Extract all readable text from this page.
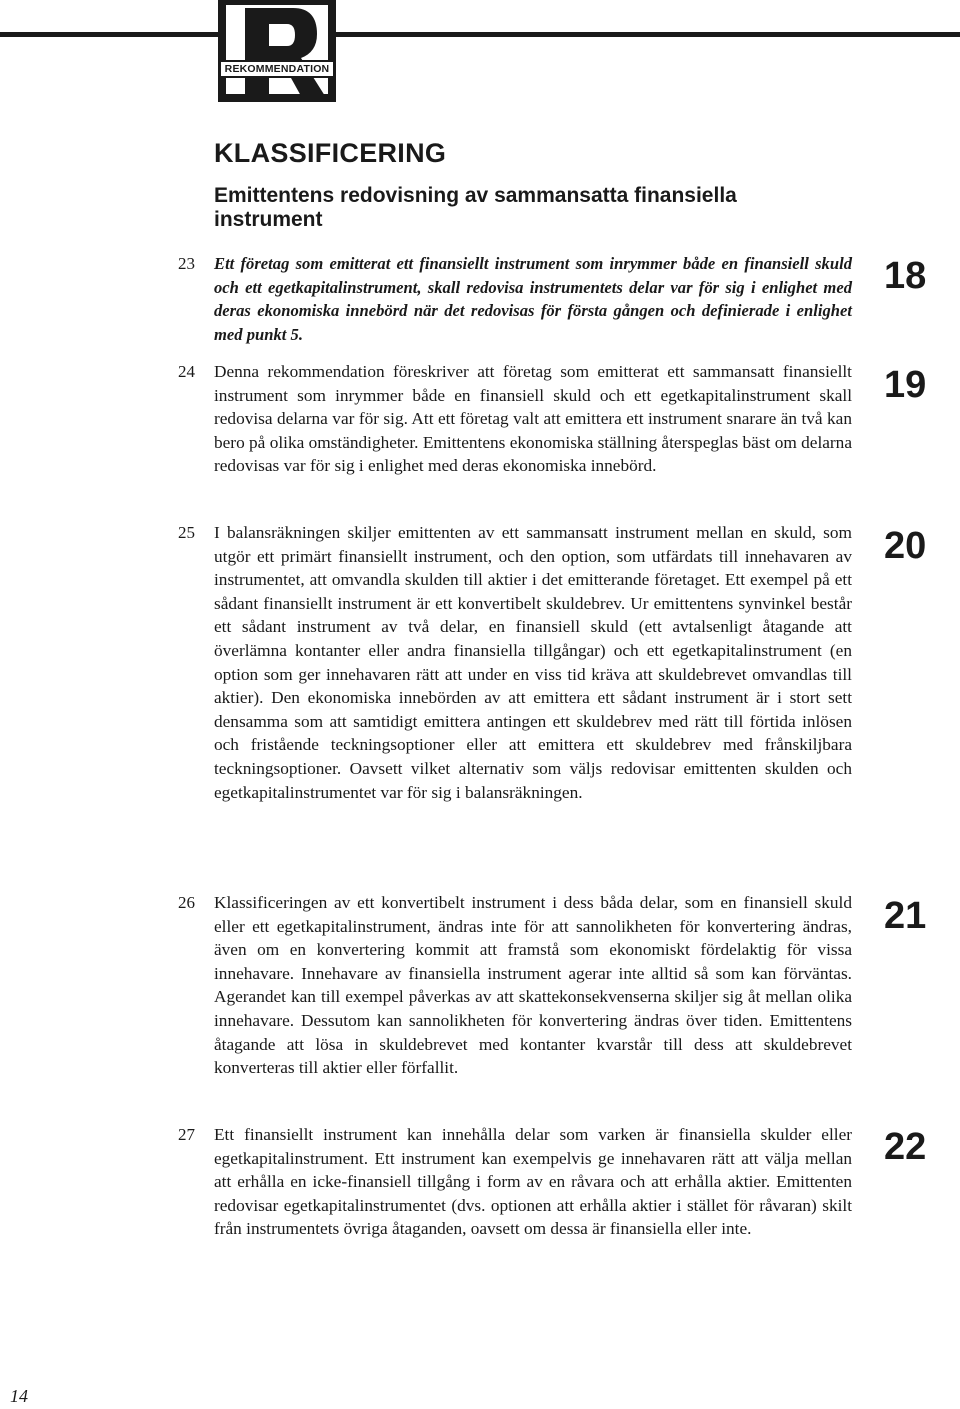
REKOMMENDATION
KLASSIFICERING
Emittentens redovisning av sammansatta finansiella instrument
23 Ett företag som emitterat ett finansiellt instrument som inrymmer både en finansiell skuld och ett egetkapitalinstrument, skall redovisa instrumentets delar var för sig i enlighet med deras ekonomiska innebörd när det redovisas för första gången och definierade i enlighet med punkt 5.

18
24 Denna rekommendation föreskriver att företag som emitterat ett sammansatt finansiellt instrument som inrymmer både en finansiell skuld och ett egetkapitalinstrument skall redovisa delarna var för sig. Att ett företag valt att emittera ett instrument snarare än två kan bero på olika omständigheter. Emittentens ekonomiska ställning återspeglas bäst om delarna redovisas var för sig i enlighet med deras ekonomiska innebörd.

19
25 I balansräkningen skiljer emittenten av ett sammansatt instrument mellan en skuld, som utgör ett primärt finansiellt instrument, och den option, som utfärdats till innehavaren av instrumentet, att omvandla skulden till aktier i det emitterande företaget. Ett exempel på ett sådant finansiellt instrument är ett konvertibelt skuldebrev. Ur emittentens synvinkel består ett sådant instrument av två delar, en finansiell skuld (ett avtalsenligt åtagande att överlämna kontanter eller andra finansiella tillgångar) och ett egetkapitalinstrument (en option som ger innehavaren rätt att under en viss tid kräva att skuldebrevet omvandlas till aktier). Den ekonomiska innebörden av att emittera ett sådant instrument är i stort sett densamma som att samtidigt emittera antingen ett skuldebrev med rätt till förtida inlösen och fristående teckningsoptioner eller att emittera ett skuldebrev med frånskiljbara teckningsoptioner. Oavsett vilket alternativ som väljs redovisar emittenten skulden och egetkapitalinstrumentet var för sig i balansräkningen.

20
26 Klassificeringen av ett konvertibelt instrument i dess båda delar, som en finansiell skuld eller ett egetkapitalinstrument, ändras inte för att sannolikheten för konvertering ändras, även om en konvertering kommit att framstå som ekonomiskt fördelaktig för vissa innehavare. Innehavare av finansiella instrument agerar inte alltid så som kan förväntas. Agerandet kan till exempel påverkas av att skattekonsekvenserna skiljer sig åt mellan olika innehavare. Dessutom kan sannolikheten för konvertering ändras över tiden. Emittentens åtagande att lösa in skuldebrevet med kontanter kvarstår till dess att skuldebrevet konverteras till aktier eller förfallit.

21
27 Ett finansiellt instrument kan innehålla delar som varken är finansiella skulder eller egetkapitalinstrument. Ett instrument kan exempelvis ge innehavaren rätt att välja mellan att erhålla en icke-finansiell tillgång i form av en råvara och att erhålla aktier. Emittenten redovisar egetkapitalinstrumentet (dvs. optionen att erhålla aktier i stället för råvaran) skilt från instrumentets övriga åtaganden, oavsett om dessa är finansiella eller inte.

22
14
